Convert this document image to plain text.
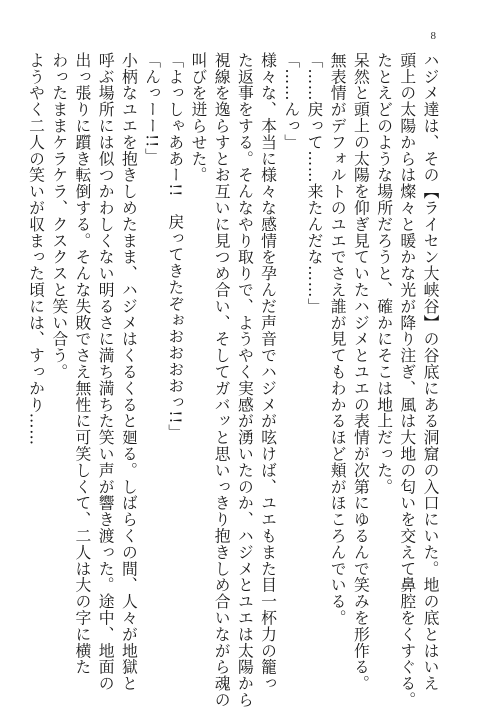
8
ハジメ達は、その【ライセン大峡谷】の谷底にある洞窟の入口にいた。地の底とはいえ
頭上の太陽からは燦々と暖かな光が降り注ぎ、風は大地の匂いを交えて鼻腔をくすぐる。
たとえどのような場所だろうと、確かにそこは地上だった。
呆然と頭上の太陽を仰ぎ見ていたハジメとユエの表情が次第にゆるんで笑みを形作る。
無表情がデフォルトのユエでさえ誰が見てもわかるほど頬がほころんでいる。
「……戻って……来たんだな……」
「……んっ」
様々な、本当に様々な感情を孕んだ声音でハジメが呟けば、ユエもまた目一杯力の籠っ
た返事をする。そんなやり取りで、ようやく実感が湧いたのか、ハジメとユエは太陽から
視線を逸らすとお互いに見つめ合い、そしてガバッと思いっきり抱きしめ合いながら魂の
叫びを迸らせた。
「よっしゃああー!!　戻ってきたぞぉおおおおっ!!」
「んっーー!!」
小柄なユエを抱きしめたまま、ハジメはくるくると廻る。しばらくの間、人々が地獄と
呼ぶ場所には似つかわしくない明るさに満ち満ちた笑い声が響き渡った。途中、地面の
出っ張りに躓き転倒する。そんな失敗でさえ無性に可笑しくて、二人は大の字に横た
わったままケラケラ、クスクスと笑い合う。
ようやく二人の笑いが収まった頃には、すっかり……
